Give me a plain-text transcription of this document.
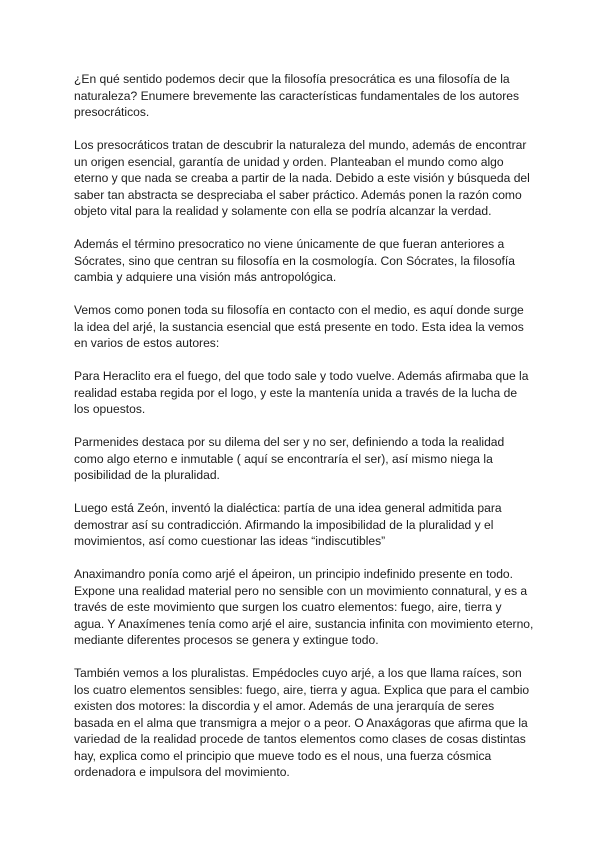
¿En qué sentido podemos decir que la filosofía presocrática es una filosofía de la naturaleza? Enumere brevemente las características fundamentales de los autores presocráticos.

Los presocráticos tratan de descubrir la naturaleza del mundo, además de encontrar un origen esencial, garantía de unidad y orden. Planteaban el mundo como algo eterno y que nada se creaba a partir de la nada. Debido a este visión y búsqueda del saber tan abstracta se despreciaba el saber práctico. Además ponen la razón como objeto vital para la realidad y solamente con ella se podría alcanzar la verdad.

Además el término presocratico no viene únicamente de que fueran anteriores a Sócrates, sino que centran su filosofía en la cosmología. Con Sócrates, la filosofía cambia y adquiere una visión más antropológica.

Vemos como ponen toda su filosofía en contacto con el medio, es aquí donde surge la idea del arjé, la sustancia esencial que está presente en todo. Esta idea la vemos en varios de estos autores:

Para Heraclito era el fuego, del que todo sale y todo vuelve. Además afirmaba que la realidad estaba regida por el logo, y este la mantenía unida a través de la lucha de los opuestos.

Parmenides destaca por su dilema del ser y no ser, definiendo a toda la realidad como algo eterno e inmutable ( aquí se encontraría el ser), así mismo niega la posibilidad de la pluralidad.

Luego está Zeón, inventó la dialéctica: partía de una idea general admitida para demostrar así su contradicción. Afirmando la imposibilidad de la pluralidad y el movimientos, así como cuestionar las ideas “indiscutibles”

Anaximandro ponía como arjé el ápeiron, un principio indefinido presente en todo. Expone una realidad material pero no sensible con un movimiento connatural, y es a través de este movimiento que surgen los cuatro elementos: fuego, aire, tierra y agua. Y Anaxímenes tenía como arjé el aire, sustancia infinita con movimiento eterno, mediante diferentes procesos se genera y extingue todo.

También vemos a los pluralistas. Empédocles cuyo arjé, a los que llama raíces, son los cuatro elementos sensibles: fuego, aire, tierra y agua. Explica que para el cambio existen dos motores: la discordia y el amor. Además de una jerarquía de seres basada en el alma que transmigra a mejor o a peor. O Anaxágoras que afirma que la variedad de la realidad procede de tantos elementos como clases de cosas distintas hay, explica como el principio que mueve todo es el nous, una fuerza cósmica ordenadora e impulsora del movimiento.
